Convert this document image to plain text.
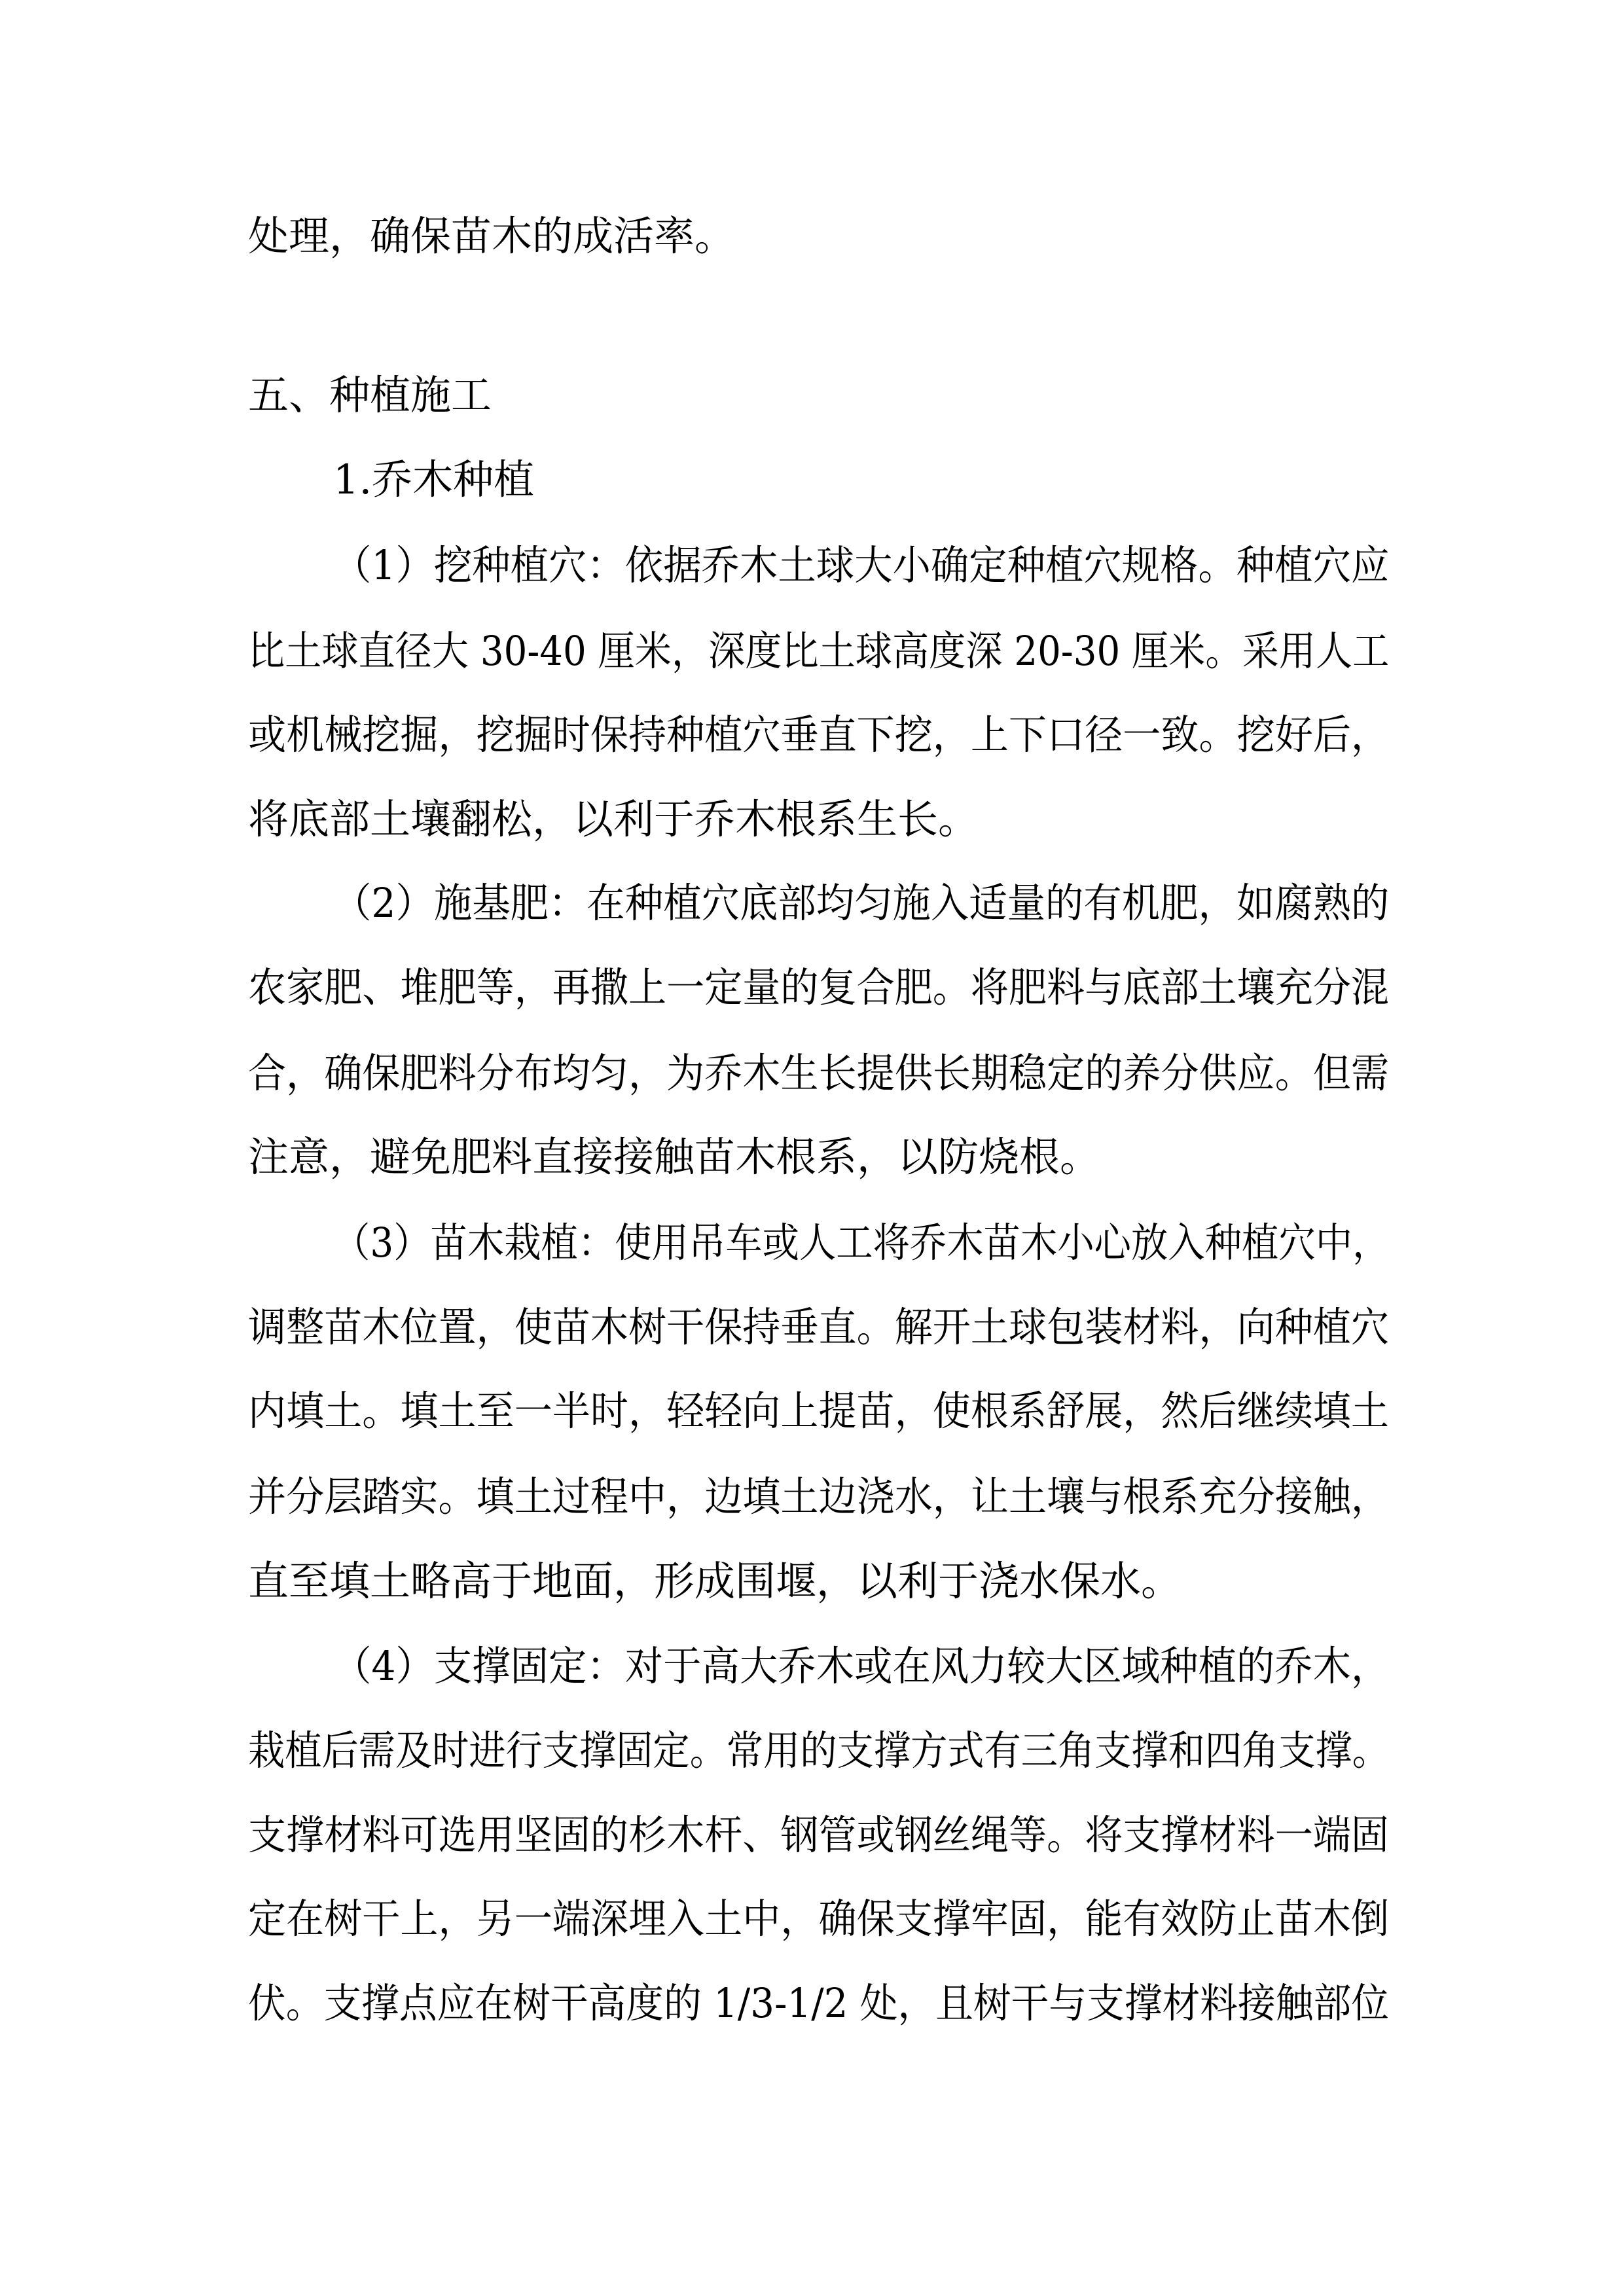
处理，确保苗木的成活率。
五、种植施工
1.乔木种植
（1）挖种植穴：依据乔木土球大小确定种植穴规格。种植穴应
比土球直径大 30-40 厘米，深度比土球高度深 20-30 厘米。采用人工
或机械挖掘，挖掘时保持种植穴垂直下挖，上下口径一致。挖好后，
将底部土壤翻松，以利于乔木根系生长。
（2）施基肥：在种植穴底部均匀施入适量的有机肥，如腐熟的
农家肥、堆肥等，再撒上一定量的复合肥。将肥料与底部土壤充分混
合，确保肥料分布均匀，为乔木生长提供长期稳定的养分供应。但需
注意，避免肥料直接接触苗木根系，以防烧根。
（3）苗木栽植：使用吊车或人工将乔木苗木小心放入种植穴中，
调整苗木位置，使苗木树干保持垂直。解开土球包装材料，向种植穴
内填土。填土至一半时，轻轻向上提苗，使根系舒展，然后继续填土
并分层踏实。填土过程中，边填土边浇水，让土壤与根系充分接触，
直至填土略高于地面，形成围堰，以利于浇水保水。
（4）支撑固定：对于高大乔木或在风力较大区域种植的乔木，
栽植后需及时进行支撑固定。常用的支撑方式有三角支撑和四角支撑。
支撑材料可选用坚固的杉木杆、钢管或钢丝绳等。将支撑材料一端固
定在树干上，另一端深埋入土中，确保支撑牢固，能有效防止苗木倒
伏。支撑点应在树干高度的 1/3-1/2 处，且树干与支撑材料接触部位
